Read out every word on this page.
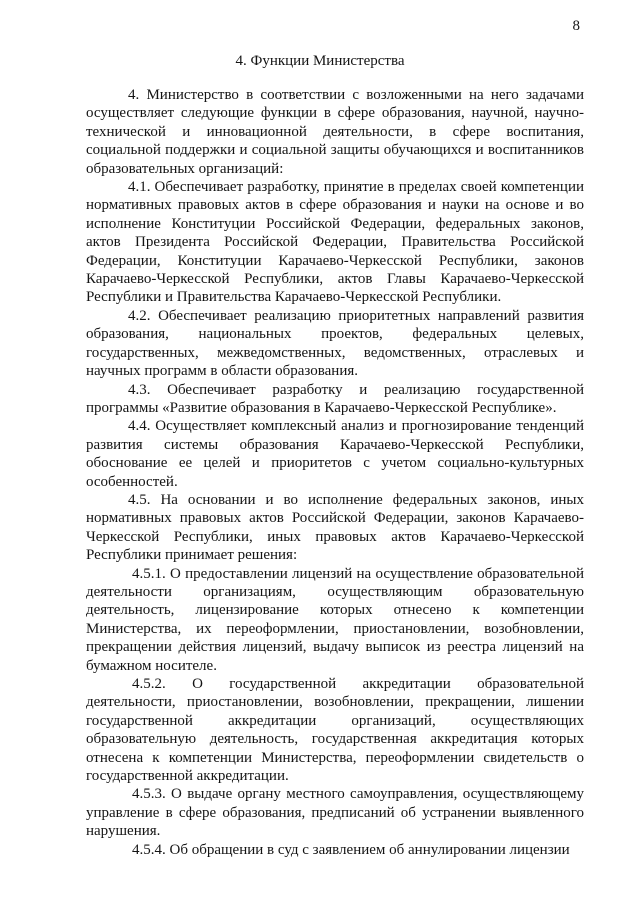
8
4. Функции Министерства

4. Министерство в соответствии с возложенными на него задачами осуществляет следующие функции в сфере образования, научной, научно-технической и инновационной деятельности, в сфере воспитания, социальной поддержки и социальной защиты обучающихся и воспитанников образовательных организаций:

4.1. Обеспечивает разработку, принятие в пределах своей компетенции нормативных правовых актов в сфере образования и науки на основе и во исполнение Конституции Российской Федерации, федеральных законов, актов Президента Российской Федерации, Правительства Российской Федерации, Конституции Карачаево-Черкесской Республики, законов Карачаево-Черкесской Республики, актов Главы Карачаево-Черкесской Республики и Правительства Карачаево-Черкесской Республики.

4.2. Обеспечивает реализацию приоритетных направлений развития образования, национальных проектов, федеральных целевых, государственных, межведомственных, ведомственных, отраслевых и научных программ в области образования.

4.3. Обеспечивает разработку и реализацию государственной программы «Развитие образования в Карачаево-Черкесской Республике».

4.4. Осуществляет комплексный анализ и прогнозирование тенденций развития системы образования Карачаево-Черкесской Республики, обоснование ее целей и приоритетов с учетом социально-культурных особенностей.

4.5. На основании и во исполнение федеральных законов, иных нормативных правовых актов Российской Федерации, законов Карачаево-Черкесской Республики, иных правовых актов Карачаево-Черкесской Республики принимает решения:

4.5.1. О предоставлении лицензий на осуществление образовательной деятельности организациям, осуществляющим образовательную деятельность, лицензирование которых отнесено к компетенции Министерства, их переоформлении, приостановлении, возобновлении, прекращении действия лицензий, выдачу выписок из реестра лицензий на бумажном носителе.

4.5.2. О государственной аккредитации образовательной деятельности, приостановлении, возобновлении, прекращении, лишении государственной аккредитации организаций, осуществляющих образовательную деятельность, государственная аккредитация которых отнесена к компетенции Министерства, переоформлении свидетельств о государственной аккредитации.

4.5.3. О выдаче органу местного самоуправления, осуществляющему управление в сфере образования, предписаний об устранении выявленного нарушения.

4.5.4. Об обращении в суд с заявлением об аннулировании лицензии
